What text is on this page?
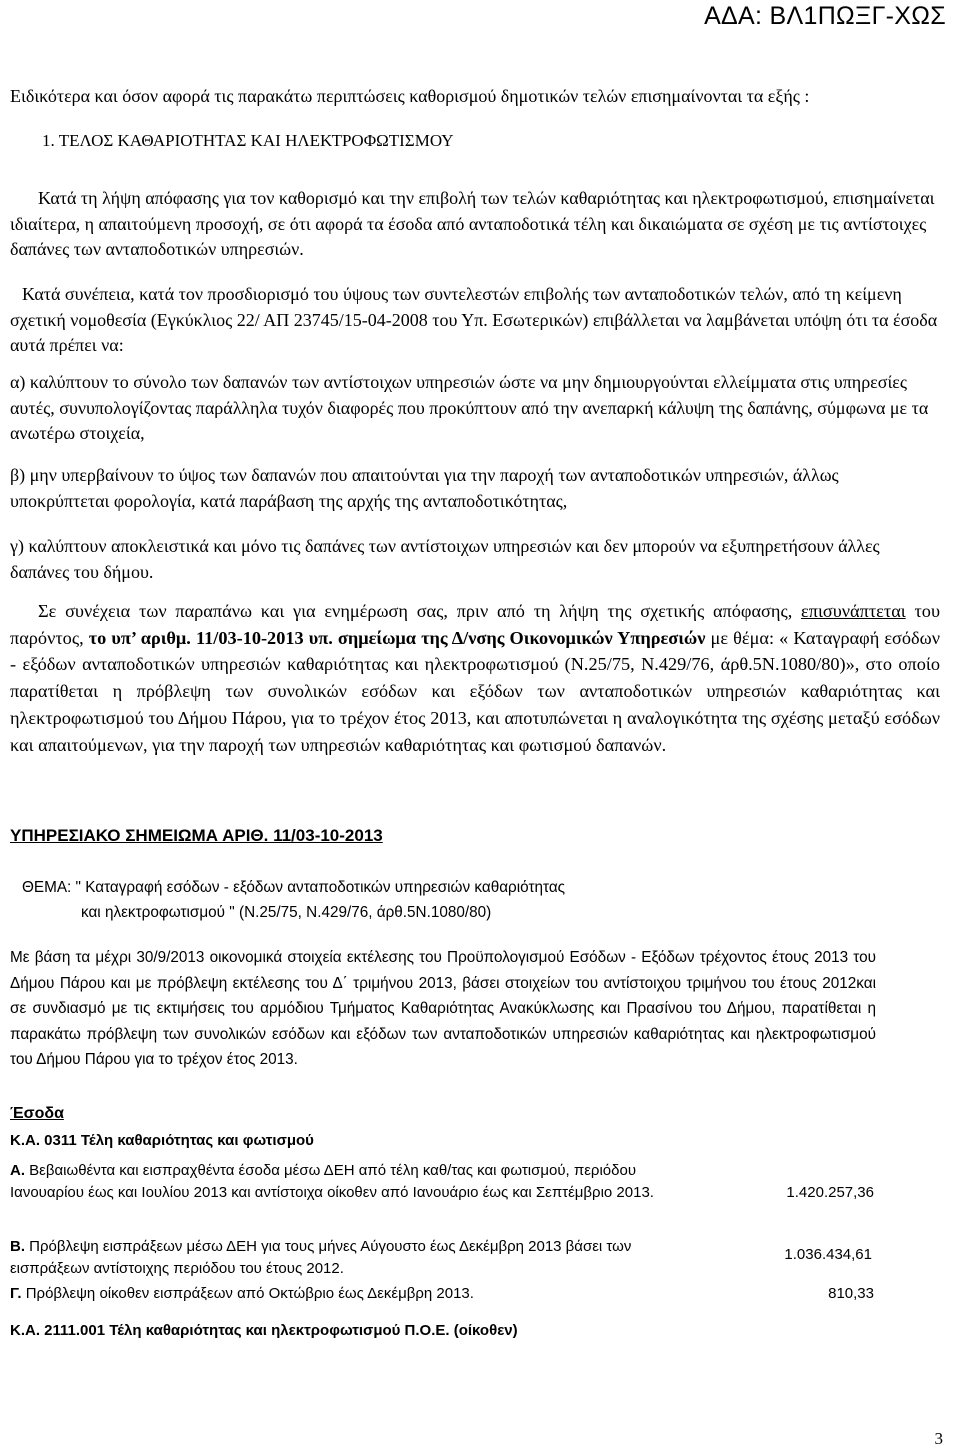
ΑΔΑ: ΒΛ1ΠΩΞΓ-ΧΩΣ
Ειδικότερα και όσον αφορά τις παρακάτω περιπτώσεις καθορισμού δημοτικών τελών επισημαίνονται τα εξής :
1. ΤΕΛΟΣ ΚΑΘΑΡΙΟΤΗΤΑΣ ΚΑΙ ΗΛΕΚΤΡΟΦΩΤΙΣΜΟΥ
Κατά τη λήψη απόφασης για τον καθορισμό και την επιβολή των τελών καθαριότητας και ηλεκτροφωτισμού, επισημαίνεται ιδιαίτερα, η απαιτούμενη προσοχή, σε ότι αφορά τα έσοδα από ανταποδοτικά τέλη και δικαιώματα σε σχέση με τις αντίστοιχες δαπάνες των ανταποδοτικών υπηρεσιών.
Κατά συνέπεια, κατά τον προσδιορισμό του ύψους των συντελεστών επιβολής των ανταποδοτικών τελών, από τη κείμενη σχετική νομοθεσία (Εγκύκλιος 22/ ΑΠ 23745/15-04-2008 του Υπ. Εσωτερικών) επιβάλλεται να λαμβάνεται υπόψη ότι τα έσοδα αυτά πρέπει να:
α) καλύπτουν το σύνολο των δαπανών των αντίστοιχων υπηρεσιών ώστε να μην δημιουργούνται ελλείμματα στις υπηρεσίες αυτές, συνυπολογίζοντας παράλληλα τυχόν διαφορές που προκύπτουν από την ανεπαρκή κάλυψη της δαπάνης, σύμφωνα με τα ανωτέρω στοιχεία,
β) μην υπερβαίνουν το ύψος των δαπανών που απαιτούνται για την παροχή των ανταποδοτικών υπηρεσιών, άλλως υποκρύπτεται φορολογία, κατά παράβαση της αρχής της ανταποδοτικότητας,
γ) καλύπτουν αποκλειστικά και μόνο τις δαπάνες των αντίστοιχων υπηρεσιών και δεν μπορούν να εξυπηρετήσουν άλλες δαπάνες του δήμου.
Σε συνέχεια των παραπάνω και για ενημέρωση σας, πριν από τη λήψη της σχετικής απόφασης, επισυνάπτεται του παρόντος, το υπ’ αριθμ. 11/03-10-2013 υπ. σημείωμα της Δ/νσης Οικονομικών Υπηρεσιών με θέμα: « Καταγραφή εσόδων - εξόδων ανταποδοτικών υπηρεσιών καθαριότητας και ηλεκτροφωτισμού (Ν.25/75, Ν.429/76, άρθ.5Ν.1080/80)», στο οποίο παρατίθεται η πρόβλεψη των συνολικών εσόδων και εξόδων των ανταποδοτικών υπηρεσιών καθαριότητας και ηλεκτροφωτισμού του Δήμου Πάρου, για το τρέχον έτος 2013, και αποτυπώνεται η αναλογικότητα της σχέσης μεταξύ εσόδων και απαιτούμενων, για την παροχή των υπηρεσιών καθαριότητας και φωτισμού δαπανών.
ΥΠΗΡΕΣΙΑΚΟ ΣΗΜΕΙΩΜΑ ΑΡΙΘ. 11/03-10-2013
ΘΕΜΑ: " Καταγραφή εσόδων - εξόδων ανταποδοτικών υπηρεσιών καθαριότητας
και ηλεκτροφωτισμού " (Ν.25/75, Ν.429/76, άρθ.5Ν.1080/80)
Με βάση τα μέχρι 30/9/2013 οικονομικά στοιχεία εκτέλεσης του Προϋπολογισμού Εσόδων - Εξόδων τρέχοντος έτους 2013 του Δήμου Πάρου και με πρόβλεψη εκτέλεσης του Δ΄ τριμήνου 2013, βάσει στοιχείων του αντίστοιχου τριμήνου του έτους 2012και σε συνδιασμό με τις εκτιμήσεις του αρμόδιου Τμήματος Καθαριότητας Ανακύκλωσης και Πρασίνου του Δήμου, παρατίθεται η παρακάτω πρόβλεψη των συνολικών εσόδων και εξόδων των ανταποδοτικών υπηρεσιών καθαριότητας και ηλεκτροφωτισμού του Δήμου Πάρου για το τρέχον έτος 2013.
Έσοδα
Κ.Α. 0311 Τέλη καθαριότητας και φωτισμού
Α. Βεβαιωθέντα και εισπραχθέντα έσοδα μέσω ΔΕΗ από τέλη καθ/τας και φωτισμού, περιόδου Ιανουαρίου έως και Ιουλίου 2013 και αντίστοιχα οίκοθεν από Ιανουάριο έως και Σεπτέμβριο 2013.	1.420.257,36
Β. Πρόβλεψη εισπράξεων μέσω ΔΕΗ για τους μήνες Αύγουστο έως Δεκέμβρη 2013 βάσει των εισπράξεων αντίστοιχης περιόδου του έτους 2012.
1.036.434,61
Γ. Πρόβλεψη οίκοθεν εισπράξεων από Οκτώβριο έως Δεκέμβρη 2013.	810,33
Κ.Α. 2111.001 Τέλη καθαριότητας και ηλεκτροφωτισμού Π.Ο.Ε. (οίκοθεν)
3
